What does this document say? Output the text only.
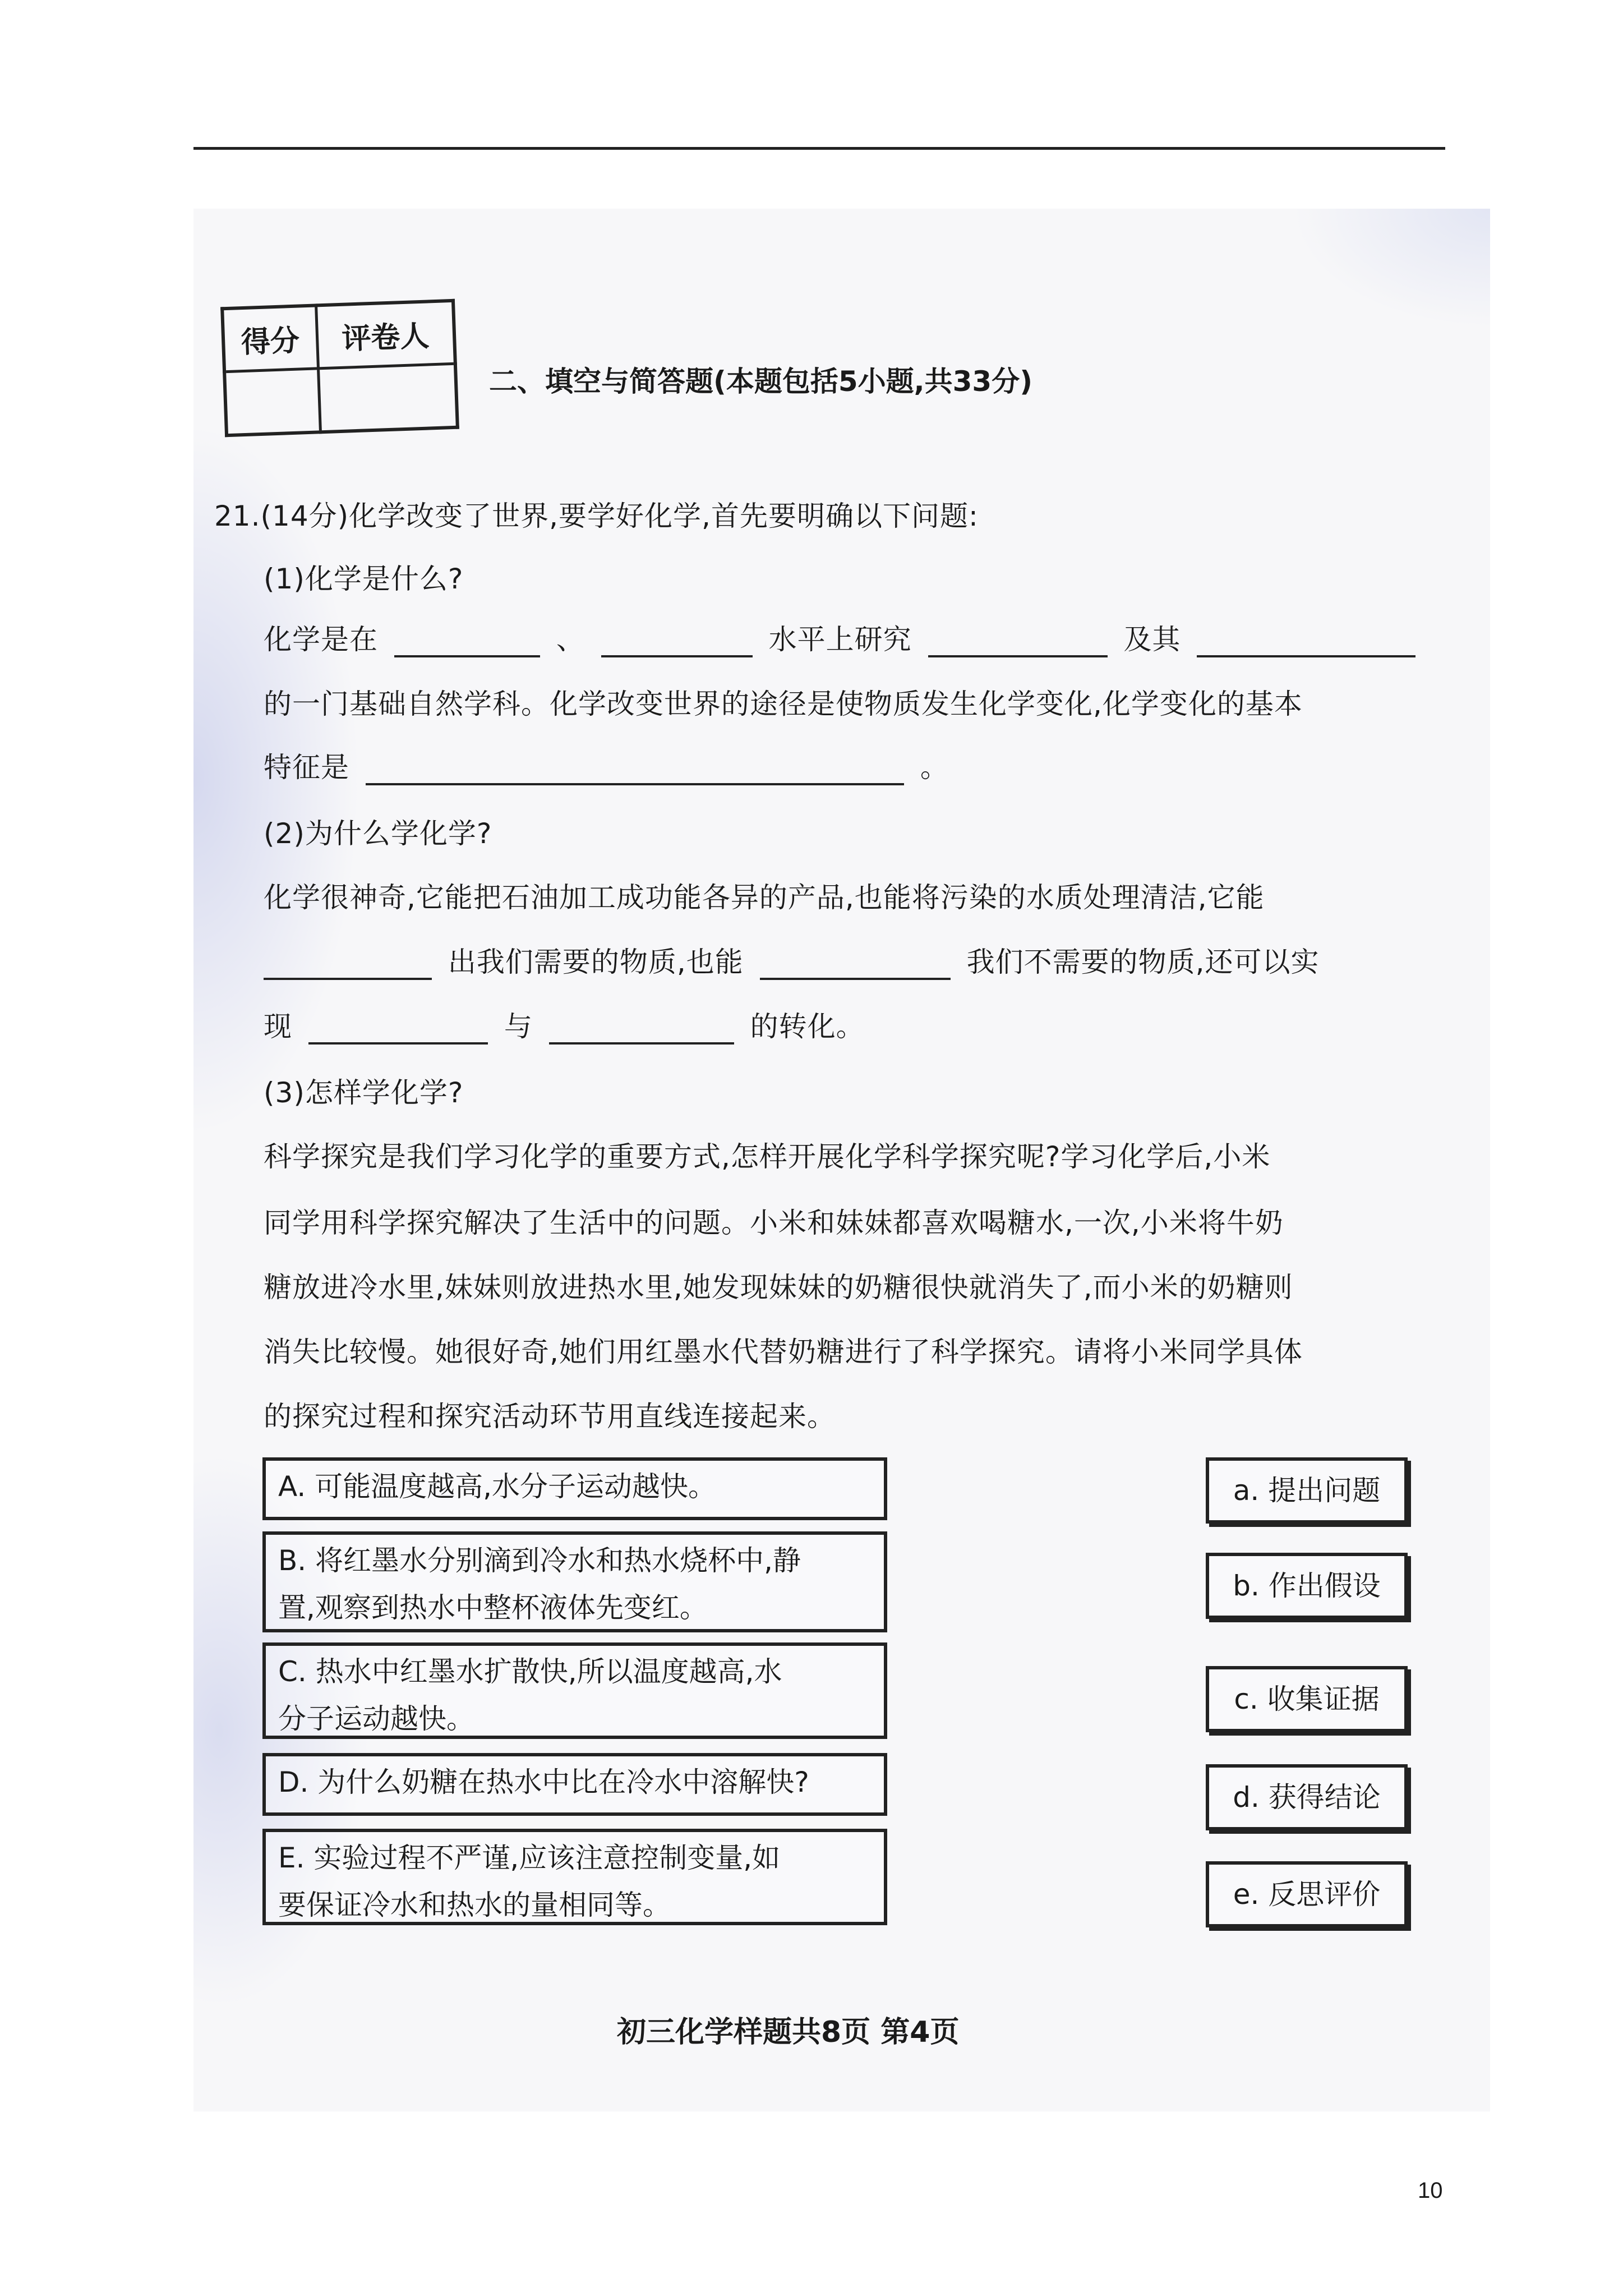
得分	评卷人

二、填空与简答题(本题包括5小题,共33分)
21.(14分)化学改变了世界,要学好化学,首先要明确以下问题:
(1)化学是什么?
化学是在	、	水平上研究	及其
的一门基础自然学科。化学改变世界的途径是使物质发生化学变化,化学变化的基本
特征是	。
(2)为什么学化学?
化学很神奇,它能把石油加工成功能各异的产品,也能将污染的水质处理清洁,它能
出我们需要的物质,也能	我们不需要的物质,还可以实
现	与	的转化。
(3)怎样学化学?
科学探究是我们学习化学的重要方式,怎样开展化学科学探究呢?学习化学后,小米
同学用科学探究解决了生活中的问题。小米和妹妹都喜欢喝糖水,一次,小米将牛奶
糖放进冷水里,妹妹则放进热水里,她发现妹妹的奶糖很快就消失了,而小米的奶糖则
消失比较慢。她很好奇,她们用红墨水代替奶糖进行了科学探究。请将小米同学具体
的探究过程和探究活动环节用直线连接起来。
A. 可能温度越高,水分子运动越快。
B. 将红墨水分别滴到冷水和热水烧杯中,静
置,观察到热水中整杯液体先变红。
C. 热水中红墨水扩散快,所以温度越高,水
分子运动越快。
D. 为什么奶糖在热水中比在冷水中溶解快?
E. 实验过程不严谨,应该注意控制变量,如
要保证冷水和热水的量相同等。
a. 提出问题
b. 作出假设
c. 收集证据
d. 获得结论
e. 反思评价
初三化学样题共8页 第4页
10
